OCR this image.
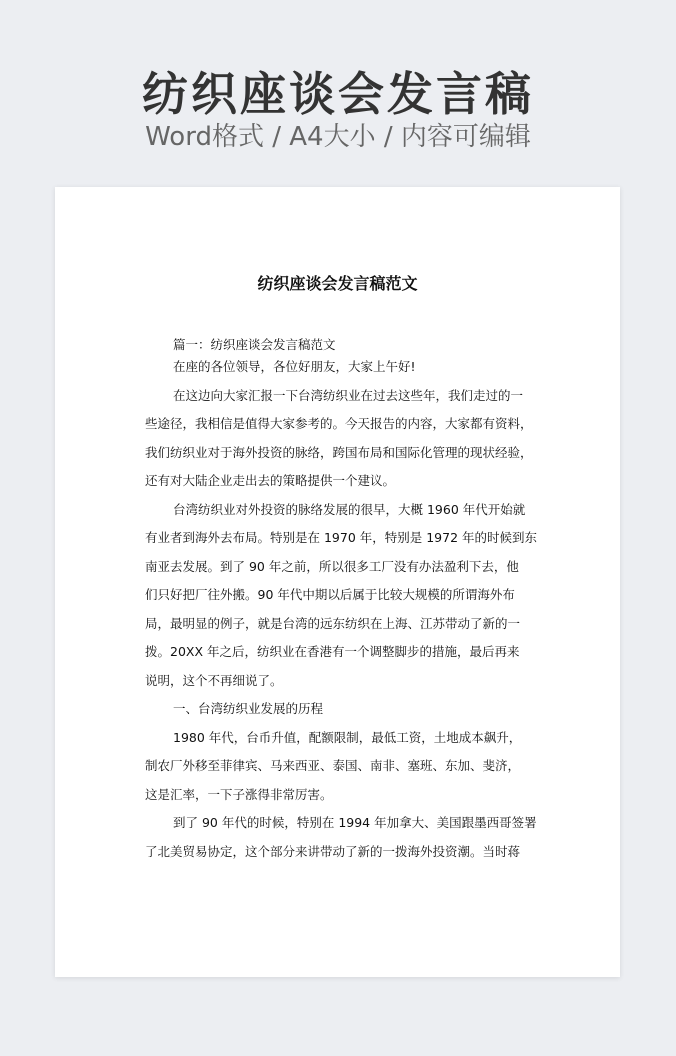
纺织座谈会发言稿
Word格式 / A4大小 / 内容可编辑
纺织座谈会发言稿范文
篇一：纺织座谈会发言稿范文
在座的各位领导，各位好朋友，大家上午好!
在这边向大家汇报一下台湾纺织业在过去这些年，我们走过的一
些途径，我相信是值得大家参考的。今天报告的内容，大家都有资料，
我们纺织业对于海外投资的脉络，跨国布局和国际化管理的现状经验，
还有对大陆企业走出去的策略提供一个建议。
台湾纺织业对外投资的脉络发展的很早，大概 1960 年代开始就
有业者到海外去布局。特别是在 1970 年，特别是 1972 年的时候到东
南亚去发展。到了 90 年之前，所以很多工厂没有办法盈利下去，他
们只好把厂往外搬。90 年代中期以后属于比较大规模的所谓海外布
局，最明显的例子，就是台湾的远东纺织在上海、江苏带动了新的一
拨。20XX 年之后，纺织业在香港有一个调整脚步的措施，最后再来
说明，这个不再细说了。
一、台湾纺织业发展的历程
1980 年代，台币升值，配额限制，最低工资，土地成本飙升，
制农厂外移至菲律宾、马来西亚、泰国、南非、塞班、东加、斐济，
这是汇率，一下子涨得非常厉害。
到了 90 年代的时候，特别在 1994 年加拿大、美国跟墨西哥签署
了北美贸易协定，这个部分来讲带动了新的一拨海外投资潮。当时蒋
